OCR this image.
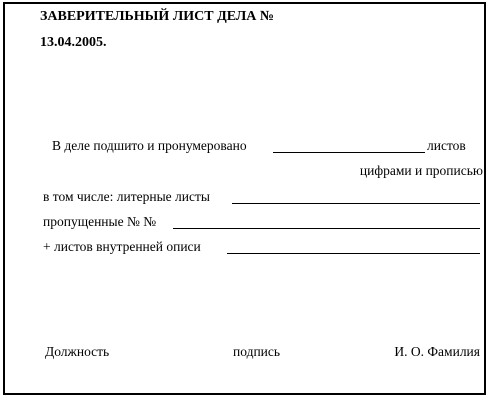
ЗАВЕРИТЕЛЬНЫЙ ЛИСТ ДЕЛА №
13.04.2005.
В деле подшито и пронумеровано	листов
цифрами и прописью
в том числе: литерные листы
пропущенные № №
+ листов внутренней описи
Должность	подпись	И. О. Фамилия
